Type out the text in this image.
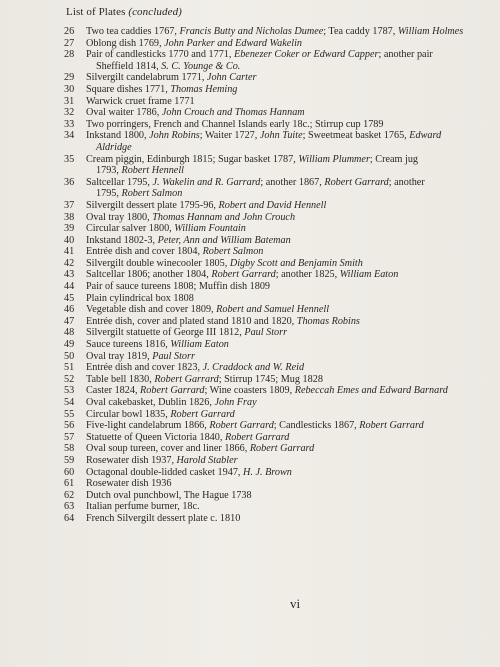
List of Plates (concluded)
26	Two tea caddies 1767, Francis Butty and Nicholas Dumee; Tea caddy 1787, William Holmes
27	Oblong dish 1769, John Parker and Edward Wakelin
28	Pair of candlesticks 1770 and 1771, Ebenezer Coker or Edward Capper; another pair
Sheffield 1814, S. C. Younge & Co.
29	Silvergilt candelabrum 1771, John Carter
30	Square dishes 1771, Thomas Heming
31	Warwick cruet frame 1771
32	Oval waiter 1786, John Crouch and Thomas Hannam
33	Two porringers, French and Channel Islands early 18c.; Stirrup cup 1789
34	Inkstand 1800, John Robins; Waiter 1727, John Tuite; Sweetmeat basket 1765, Edward
Aldridge
35	Cream piggin, Edinburgh 1815; Sugar basket 1787, William Plummer; Cream jug
1793, Robert Hennell
36	Saltcellar 1795, J. Wakelin and R. Garrard; another 1867, Robert Garrard; another
1795, Robert Salmon
37	Silvergilt dessert plate 1795-96, Robert and David Hennell
38	Oval tray 1800, Thomas Hannam and John Crouch
39	Circular salver 1800, William Fountain
40	Inkstand 1802-3, Peter, Ann and William Bateman
41	Entrée dish and cover 1804, Robert Salmon
42	Silvergilt double winecooler 1805, Digby Scott and Benjamin Smith
43	Saltcellar 1806; another 1804, Robert Garrard; another 1825, William Eaton
44	Pair of sauce tureens 1808; Muffin dish 1809
45	Plain cylindrical box 1808
46	Vegetable dish and cover 1809, Robert and Samuel Hennell
47	Entrée dish, cover and plated stand 1810 and 1820, Thomas Robins
48	Silvergilt statuette of George III 1812, Paul Storr
49	Sauce tureens 1816, William Eaton
50	Oval tray 1819, Paul Storr
51	Entrée dish and cover 1823, J. Craddock and W. Reid
52	Table bell 1830, Robert Garrard; Stirrup 1745; Mug 1828
53	Caster 1824, Robert Garrard; Wine coasters 1809, Rebeccah Emes and Edward Barnard
54	Oval cakebasket, Dublin 1826, John Fray
55	Circular bowl 1835, Robert Garrard
56	Five-light candelabrum 1866, Robert Garrard; Candlesticks 1867, Robert Garrard
57	Statuette of Queen Victoria 1840, Robert Garrard
58	Oval soup tureen, cover and liner 1866, Robert Garrard
59	Rosewater dish 1937, Harold Stabler
60	Octagonal double-lidded casket 1947, H. J. Brown
61	Rosewater dish 1936
62	Dutch oval punchbowl, The Hague 1738
63	Italian perfume burner, 18c.
64	French Silvergilt dessert plate c. 1810
vi
